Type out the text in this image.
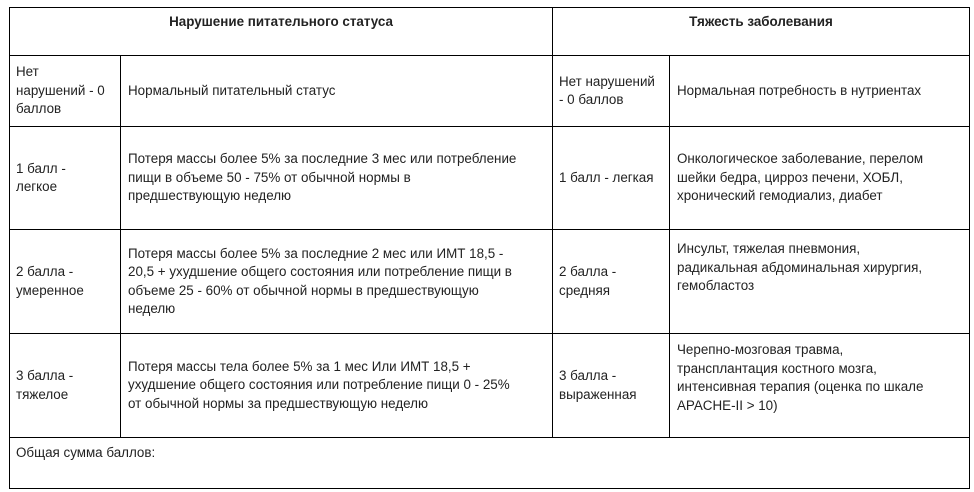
Нарушение питательного статуса	Тяжесть заболевания
Нет
нарушений - 0
баллов
Нормальный питательный статус
Нет нарушений
- 0 баллов
Нормальная потребность в нутриентах
1 балл -
легкое
Потеря массы более 5% за последние 3 мес или потребление
пищи в объеме 50 - 75% от обычной нормы в
предшествующую неделю
1 балл - легкая
Онкологическое заболевание, перелом
шейки бедра, цирроз печени, ХОБЛ,
хронический гемодиализ, диабет
2 балла -
умеренное
Потеря массы более 5% за последние 2 мес или ИМТ 18,5 -
20,5 + ухудшение общего состояния или потребление пищи в
объеме 25 - 60% от обычной нормы в предшествующую
неделю
2 балла -
средняя
Инсульт, тяжелая пневмония,
радикальная абдоминальная хирургия,
гемобластоз
3 балла -
тяжелое
Потеря массы тела более 5% за 1 мес Или ИМТ 18,5 +
ухудшение общего состояния или потребление пищи 0 - 25%
от обычной нормы за предшествующую неделю
3 балла -
выраженная
Черепно-мозговая травма,
трансплантация костного мозга,
интенсивная терапия (оценка по шкале
APACHE-II > 10)
Общая сумма баллов:
